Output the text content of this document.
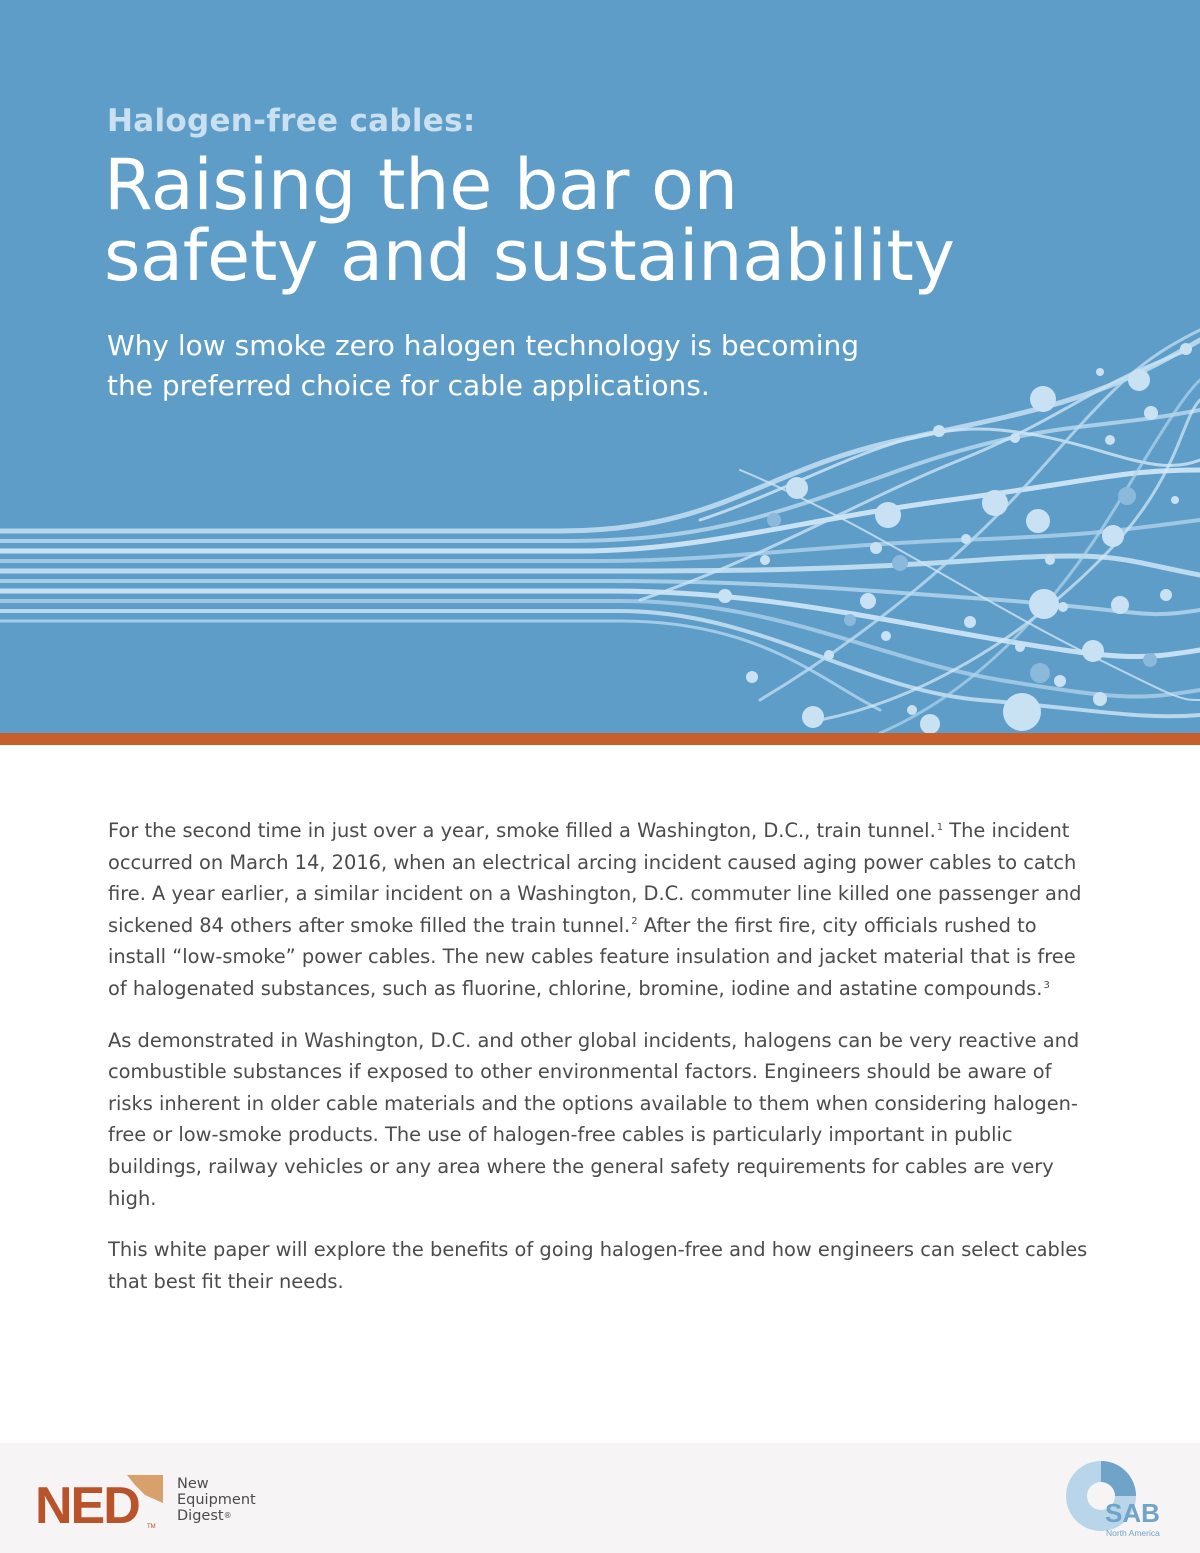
Halogen-free cables:
Raising the bar on
safety and sustainability
Why low smoke zero halogen technology is becoming
the preferred choice for cable applications.

For the second time in just over a year, smoke filled a Washington, D.C., train tunnel.$^1$ The incident occurred on March 14, 2016, when an electrical arcing incident caused aging power cables to catch fire. A year earlier, a similar incident on a Washington, D.C. commuter line killed one passenger and sickened 84 others after smoke filled the train tunnel.$^2$ After the first fire, city officials rushed to install “low-smoke” power cables. The new cables feature insulation and jacket material that is free of halogenated substances, such as fluorine, chlorine, bromine, iodine and astatine compounds.$^3$

As demonstrated in Washington, D.C. and other global incidents, halogens can be very reactive and combustible substances if exposed to other environmental factors. Engineers should be aware of risks inherent in older cable materials and the options available to them when considering halogen-free or low-smoke products. The use of halogen-free cables is particularly important in public buildings, railway vehicles or any area where the general safety requirements for cables are very high.

This white paper will explore the benefits of going halogen-free and how engineers can select cables that best fit their needs.

NED TM
New
Equipment
Digest®	SAB
North America
